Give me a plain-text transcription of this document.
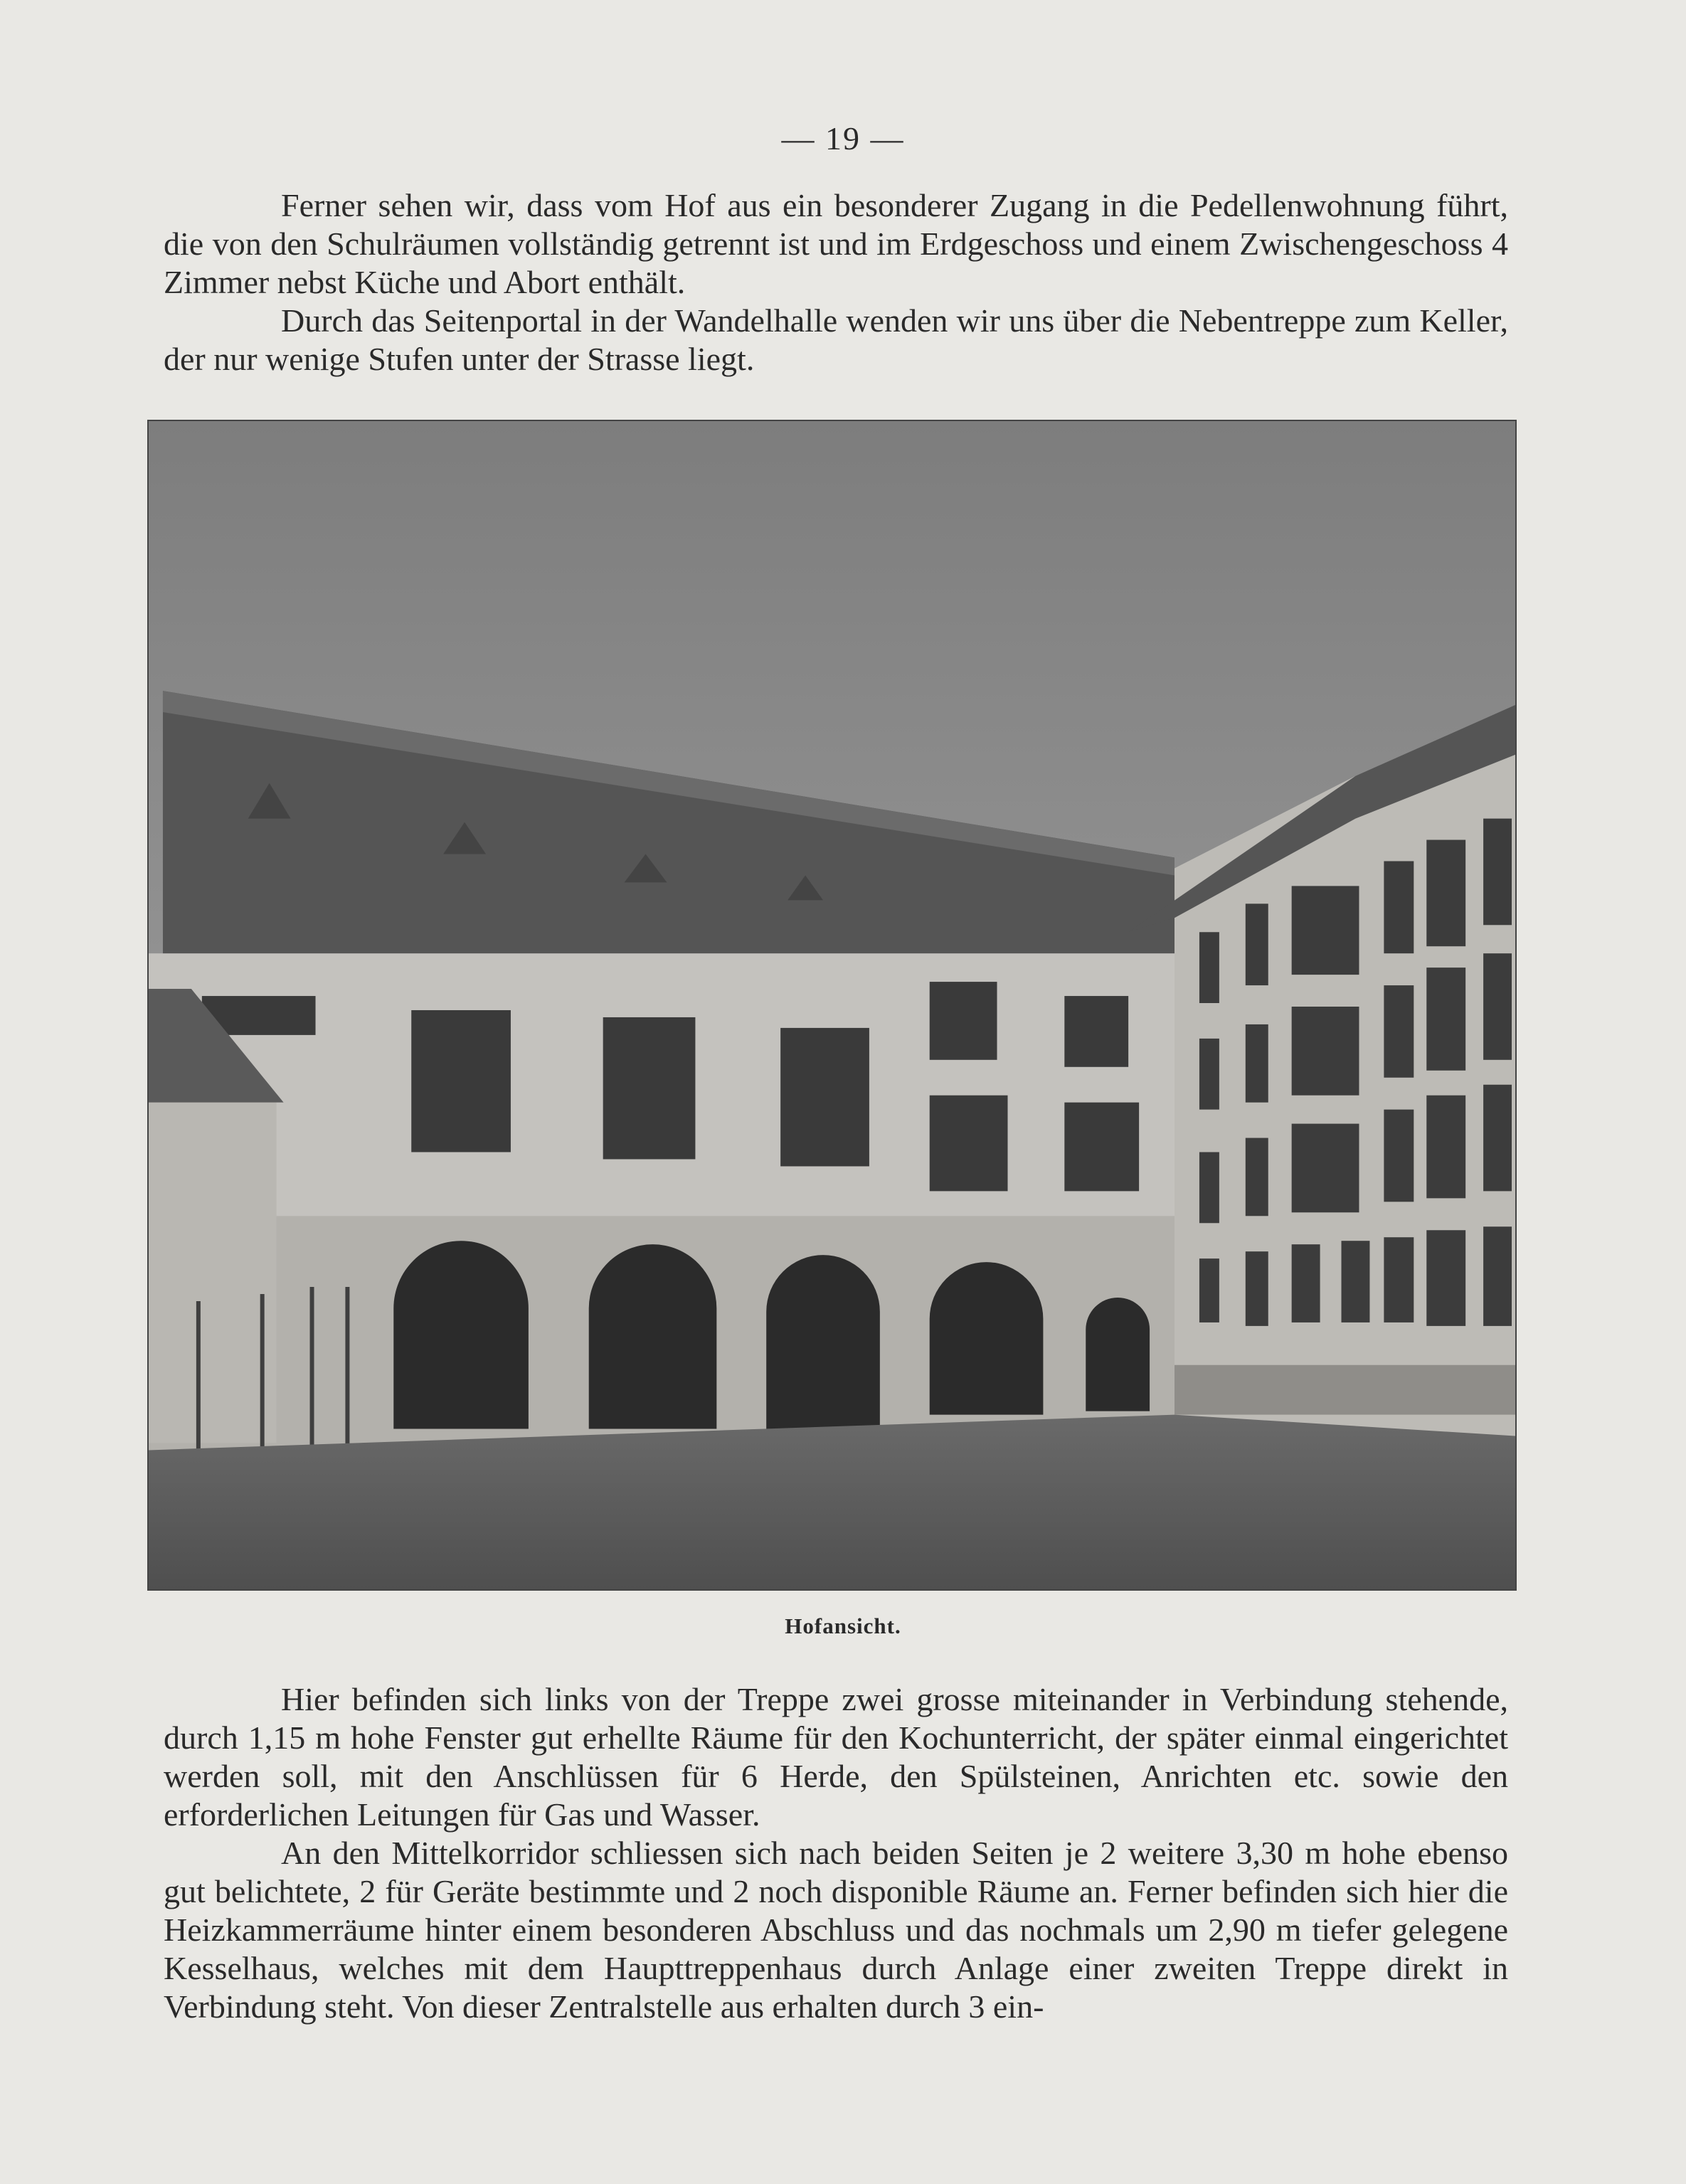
— 19 —

Ferner sehen wir, dass vom Hof aus ein besonderer Zugang in die Pedellenwohnung führt, die von den Schulräumen vollständig getrennt ist und im Erdgeschoss und einem Zwischengeschoss 4 Zimmer nebst Küche und Abort enthält.

Durch das Seitenportal in der Wandelhalle wenden wir uns über die Nebentreppe zum Keller, der nur wenige Stufen unter der Strasse liegt.

Hofansicht.

Hier befinden sich links von der Treppe zwei grosse miteinander in Verbindung stehende, durch 1,15 m hohe Fenster gut erhellte Räume für den Kochunterricht, der später einmal eingerichtet werden soll, mit den Anschlüssen für 6 Herde, den Spülsteinen, Anrichten etc. sowie den erforderlichen Leitungen für Gas und Wasser.

An den Mittelkorridor schliessen sich nach beiden Seiten je 2 weitere 3,30 m hohe ebenso gut belichtete, 2 für Geräte bestimmte und 2 noch disponible Räume an. Ferner befinden sich hier die Heizkammerräume hinter einem besonderen Abschluss und das nochmals um 2,90 m tiefer gelegene Kesselhaus, welches mit dem Haupttreppenhaus durch Anlage einer zweiten Treppe direkt in Verbindung steht. Von dieser Zentralstelle aus erhalten durch 3 ein-
